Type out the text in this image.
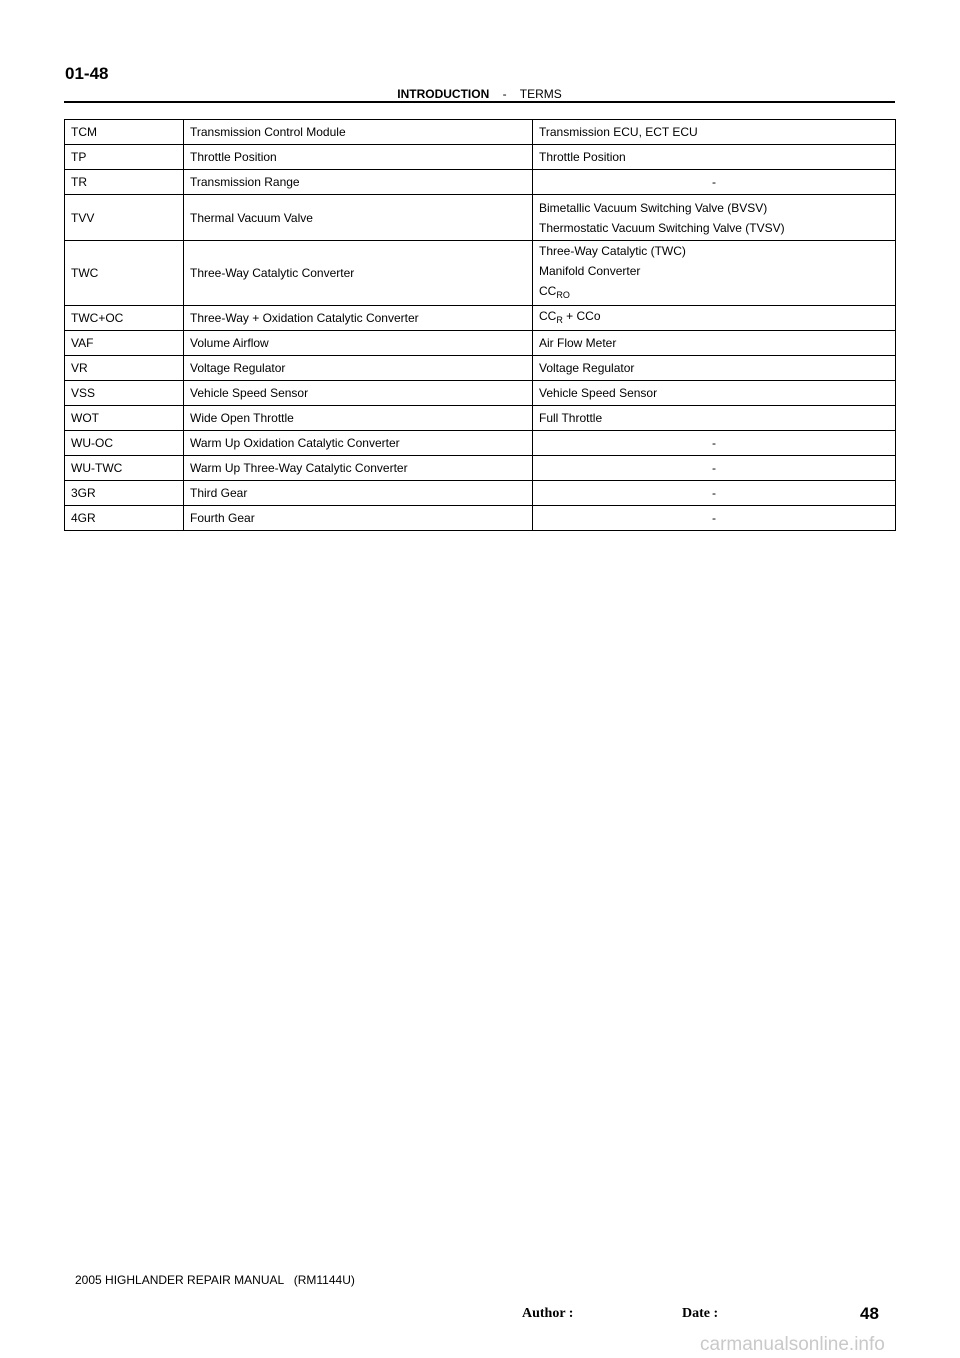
01-48
INTRODUCTION - TERMS
TCM	Transmission Control Module	Transmission ECU, ECT ECU
TP	Throttle Position	Throttle Position
TR	Transmission Range	-
TVV	Thermal Vacuum Valve	Bimetallic Vacuum Switching Valve (BVSV)
Thermostatic Vacuum Switching Valve (TVSV)

TWC	Three-Way Catalytic Converter	Three-Way Catalytic (TWC)
Manifold Converter
$CC_{RO}$

TWC+OC	Three-Way + Oxidation Catalytic Converter	$CC_R$ + CCo
VAF	Volume Airflow	Air Flow Meter
VR	Voltage Regulator	Voltage Regulator
VSS	Vehicle Speed Sensor	Vehicle Speed Sensor
WOT	Wide Open Throttle	Full Throttle
WU-OC	Warm Up Oxidation Catalytic Converter	-
WU-TWC	Warm Up Three-Way Catalytic Converter	-
3GR	Third Gear	-
4GR	Fourth Gear	-
2005 HIGHLANDER REPAIR MANUAL   (RM1144U)
Author :	Date :	48
carmanualsonline.info
